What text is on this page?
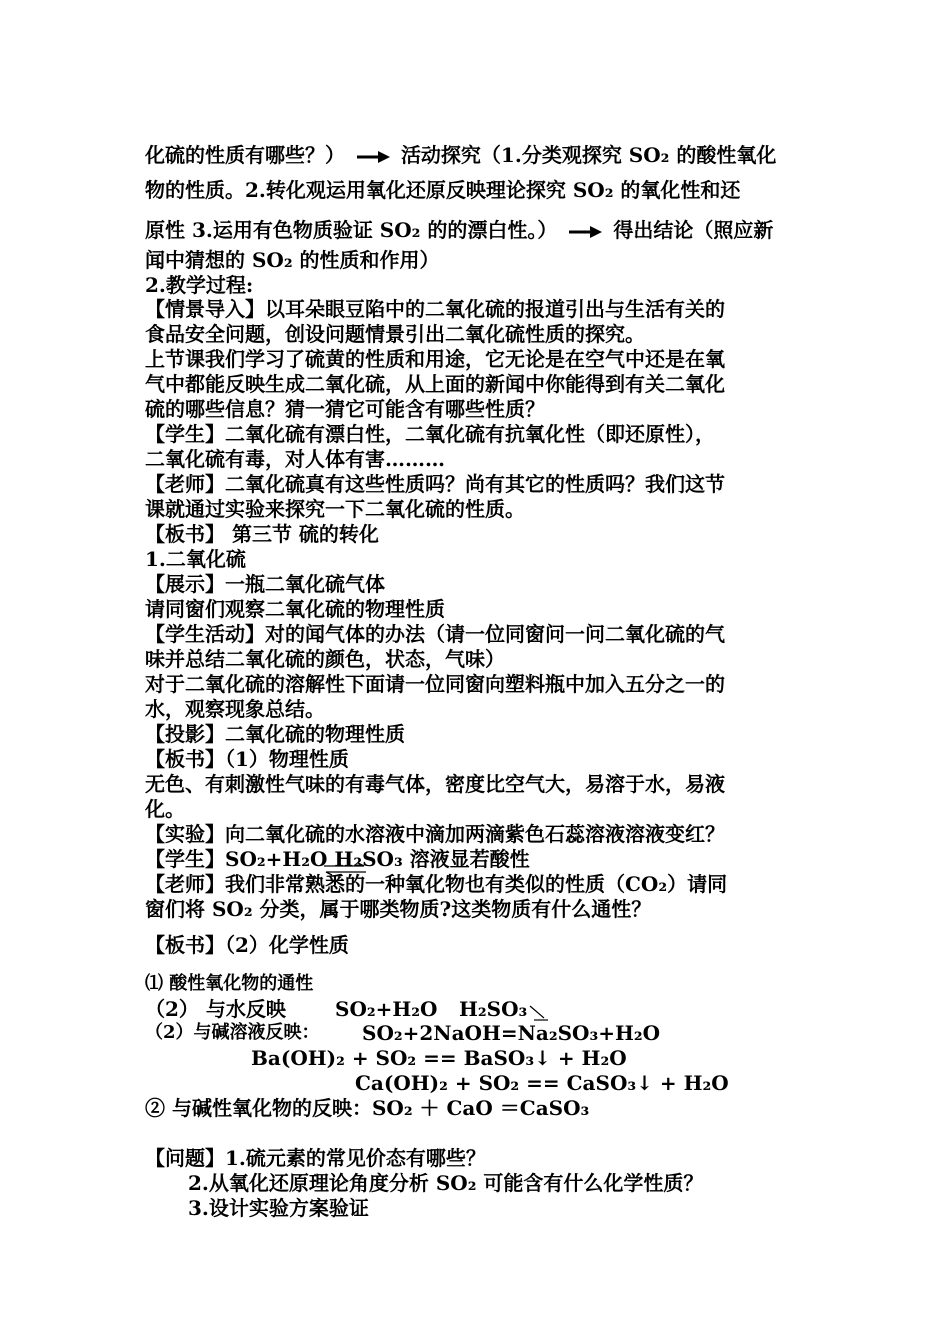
化硫的性质有哪些？）	活动探究（1.分类观探究 SO₂ 的酸性氧化
物的性质。2.转化观运用氧化还原反映理论探究 SO₂ 的氧化性和还
原性 3.运用有色物质验证 SO₂ 的的漂白性。）	得出结论（照应新
闻中猜想的 SO₂ 的性质和作用）
2.教学过程:
【情景导入】以耳朵眼豆陷中的二氧化硫的报道引出与生活有关的
食品安全问题，创设问题情景引出二氧化硫性质的探究。
上节课我们学习了硫黄的性质和用途，它无论是在空气中还是在氧
气中都能反映生成二氧化硫，从上面的新闻中你能得到有关二氧化
硫的哪些信息？猜一猜它可能含有哪些性质？
【学生】二氧化硫有漂白性，二氧化硫有抗氧化性（即还原性），
二氧化硫有毒，对人体有害………
【老师】二氧化硫真有这些性质吗？尚有其它的性质吗？我们这节
课就通过实验来探究一下二氧化硫的性质。
【板书】 第三节 硫的转化
1.二氧化硫
【展示】一瓶二氧化硫气体
请同窗们观察二氧化硫的物理性质
【学生活动】对的闻气体的办法（请一位同窗问一问二氧化硫的气
味并总结二氧化硫的颜色，状态，气味）
对于二氧化硫的溶解性下面请一位同窗向塑料瓶中加入五分之一的
水，观察现象总结。
【投影】二氧化硫的物理性质
【板书】（1）物理性质
无色、有刺激性气味的有毒气体，密度比空气大，易溶于水，易液
化。
【实验】向二氧化硫的水溶液中滴加两滴紫色石蕊溶液溶液变红？
【学生】SO₂+H₂O H₂SO₃ 溶液显若酸性
【老师】我们非常熟悉的一种氧化物也有类似的性质（CO₂）请同
窗们将 SO₂ 分类，属于哪类物质?这类物质有什么通性？
【板书】（2）化学性质
⑴ 酸性氧化物的通性
（2） 与水反映	SO₂+H₂O	H₂SO₃
（2）与碱溶液反映：	SO₂+2NaOH=Na₂SO₃+H₂O
Ba(OH)₂ + SO₂ == BaSO₃↓ + H₂O
Ca(OH)₂ + SO₂ == CaSO₃↓ + H₂O
② 与碱性氧化物的反映：SO₂ ＋ CaO ＝CaSO₃
【问题】1.硫元素的常见价态有哪些？
2.从氧化还原理论角度分析 SO₂ 可能含有什么化学性质？
3.设计实验方案验证
